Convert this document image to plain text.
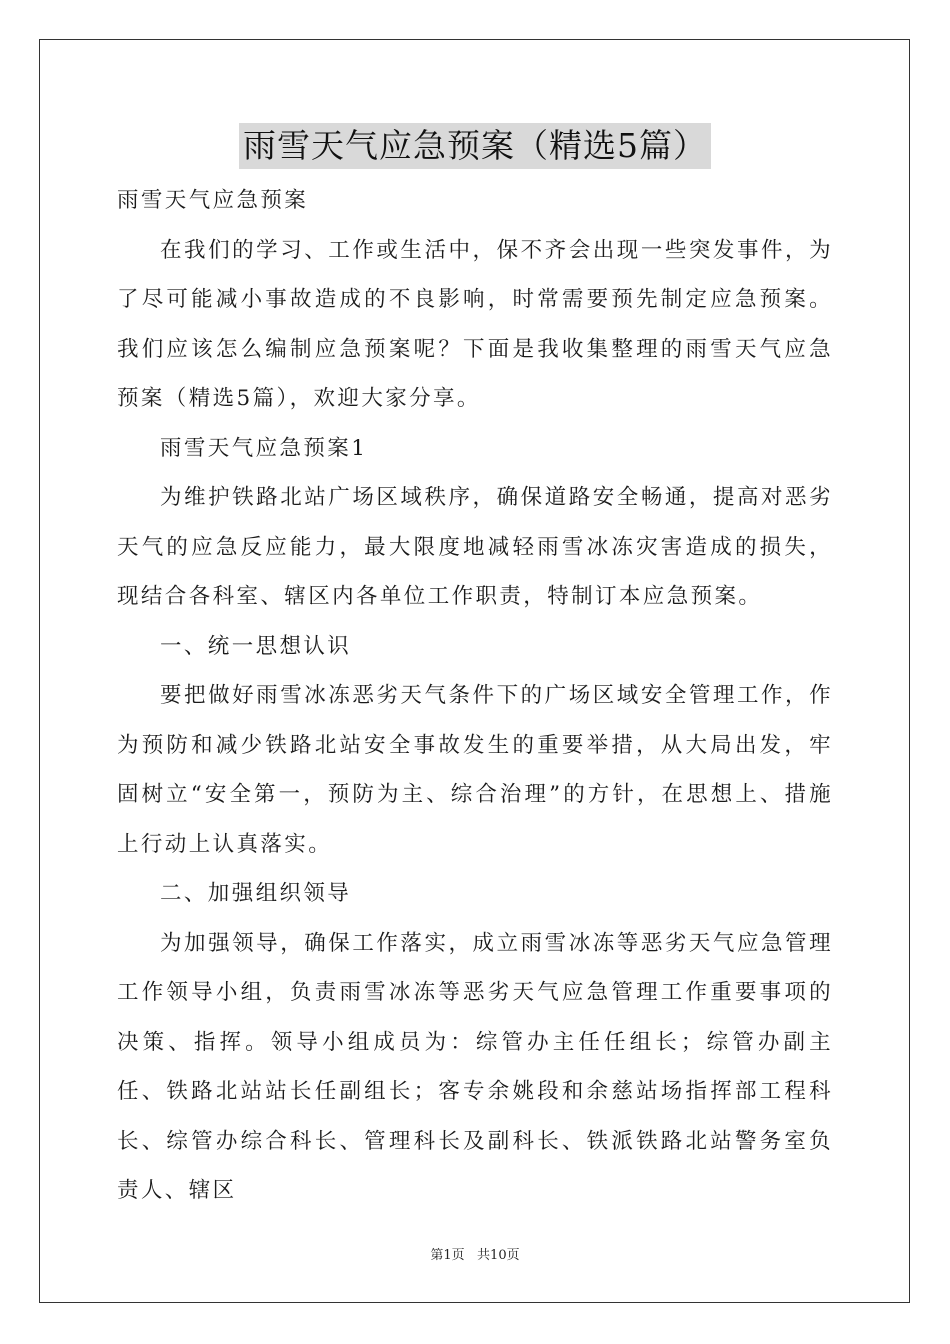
雨雪天气应急预案（精选5篇）

雨雪天气应急预案

在我们的学习、工作或生活中，保不齐会出现一些突发事件，为了尽可能减小事故造成的不良影响，时常需要预先制定应急预案。我们应该怎么编制应急预案呢？下面是我收集整理的雨雪天气应急预案（精选5篇），欢迎大家分享。

雨雪天气应急预案1

为维护铁路北站广场区域秩序，确保道路安全畅通，提高对恶劣天气的应急反应能力，最大限度地减轻雨雪冰冻灾害造成的损失，现结合各科室、辖区内各单位工作职责，特制订本应急预案。

一、统一思想认识

要把做好雨雪冰冻恶劣天气条件下的广场区域安全管理工作，作为预防和减少铁路北站安全事故发生的重要举措，从大局出发，牢固树立“安全第一，预防为主、综合治理”的方针，在思想上、措施上行动上认真落实。

二、加强组织领导

为加强领导，确保工作落实，成立雨雪冰冻等恶劣天气应急管理工作领导小组，负责雨雪冰冻等恶劣天气应急管理工作重要事项的决策、指挥。领导小组成员为：综管办主任任组长；综管办副主任、铁路北站站长任副组长；客专余姚段和余慈站场指挥部工程科长、综管办综合科长、管理科长及副科长、铁派铁路北站警务室负责人、辖区

第1页   共10页
